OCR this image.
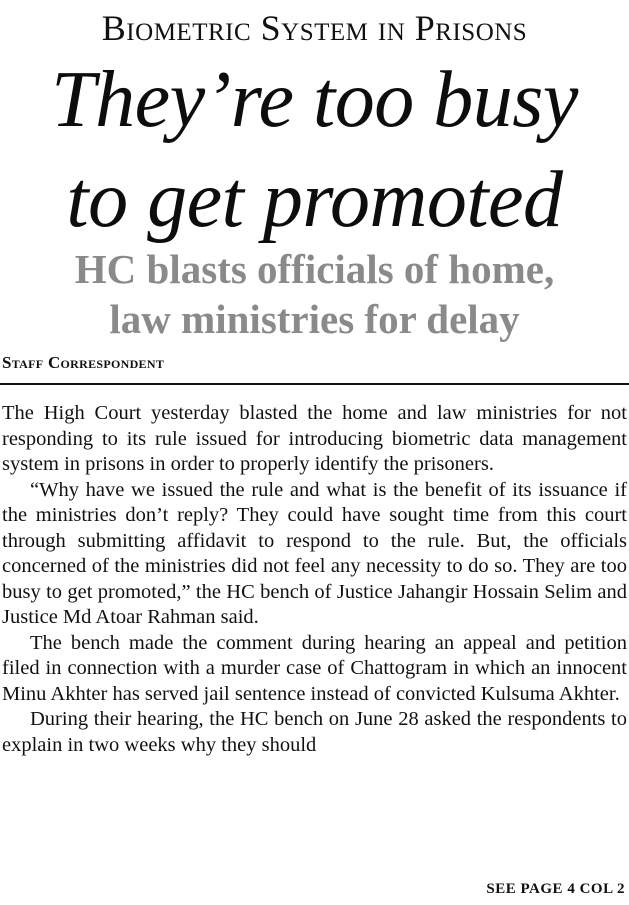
Biometric System in Prisons
They’re too busy
to get promoted
HC blasts officials of home,
law ministries for delay
Staff Correspondent

The High Court yesterday blasted the home and law ministries for not responding to its rule issued for introducing biometric data management system in prisons in order to properly identify the prisoners.

“Why have we issued the rule and what is the benefit of its issuance if the ministries don’t reply? They could have sought time from this court through submitting affidavit to respond to the rule. But, the officials concerned of the ministries did not feel any necessity to do so. They are too busy to get promoted,” the HC bench of Justice Jahangir Hossain Selim and Justice Md Atoar Rahman said.

The bench made the comment during hearing an appeal and petition filed in connection with a murder case of Chattogram in which an innocent Minu Akhter has served jail sentence instead of convicted Kulsuma Akhter.

During their hearing, the HC bench on June 28 asked the respondents to explain in two weeks why they should

SEE PAGE 4 COL 2
